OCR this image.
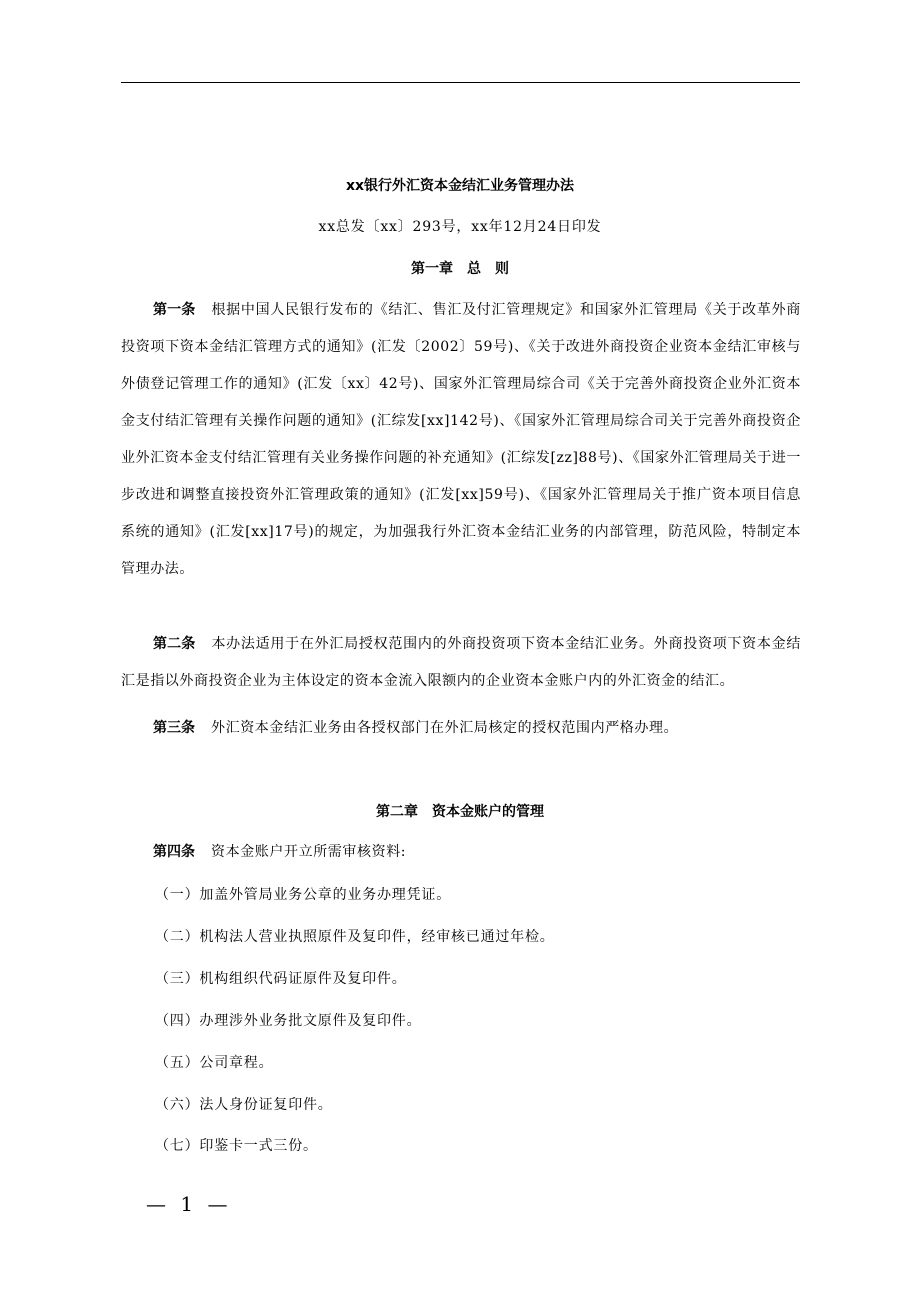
xx银行外汇资本金结汇业务管理办法
xx总发〔xx〕293号，xx年12月24日印发
第一章　总　则
第一条 根据中国人民银行发布的《结汇、售汇及付汇管理规定》和国家外汇管理局《关于改革外商投资项下资本金结汇管理方式的通知》(汇发〔2002〕59号)、《关于改进外商投资企业资本金结汇审核与外债登记管理工作的通知》(汇发〔xx〕42号)、国家外汇管理局综合司《关于完善外商投资企业外汇资本金支付结汇管理有关操作问题的通知》(汇综发[xx]142号)、《国家外汇管理局综合司关于完善外商投资企业外汇资本金支付结汇管理有关业务操作问题的补充通知》(汇综发[zz]88号)、《国家外汇管理局关于进一步改进和调整直接投资外汇管理政策的通知》(汇发[xx]59号)、《国家外汇管理局关于推广资本项目信息系统的通知》(汇发[xx]17号)的规定，为加强我行外汇资本金结汇业务的内部管理，防范风险，特制定本管理办法。
第二条 本办法适用于在外汇局授权范围内的外商投资项下资本金结汇业务。外商投资项下资本金结汇是指以外商投资企业为主体设定的资本金流入限额内的企业资本金账户内的外汇资金的结汇。
第三条 外汇资本金结汇业务由各授权部门在外汇局核定的授权范围内严格办理。
第二章　资本金账户的管理
第四条 资本金账户开立所需审核资料:
（一）加盖外管局业务公章的业务办理凭证。
（二）机构法人营业执照原件及复印件，经审核已通过年检。
（三）机构组织代码证原件及复印件。
（四）办理涉外业务批文原件及复印件。
（五）公司章程。
（六）法人身份证复印件。
（七）印鉴卡一式三份。
— 1 —
